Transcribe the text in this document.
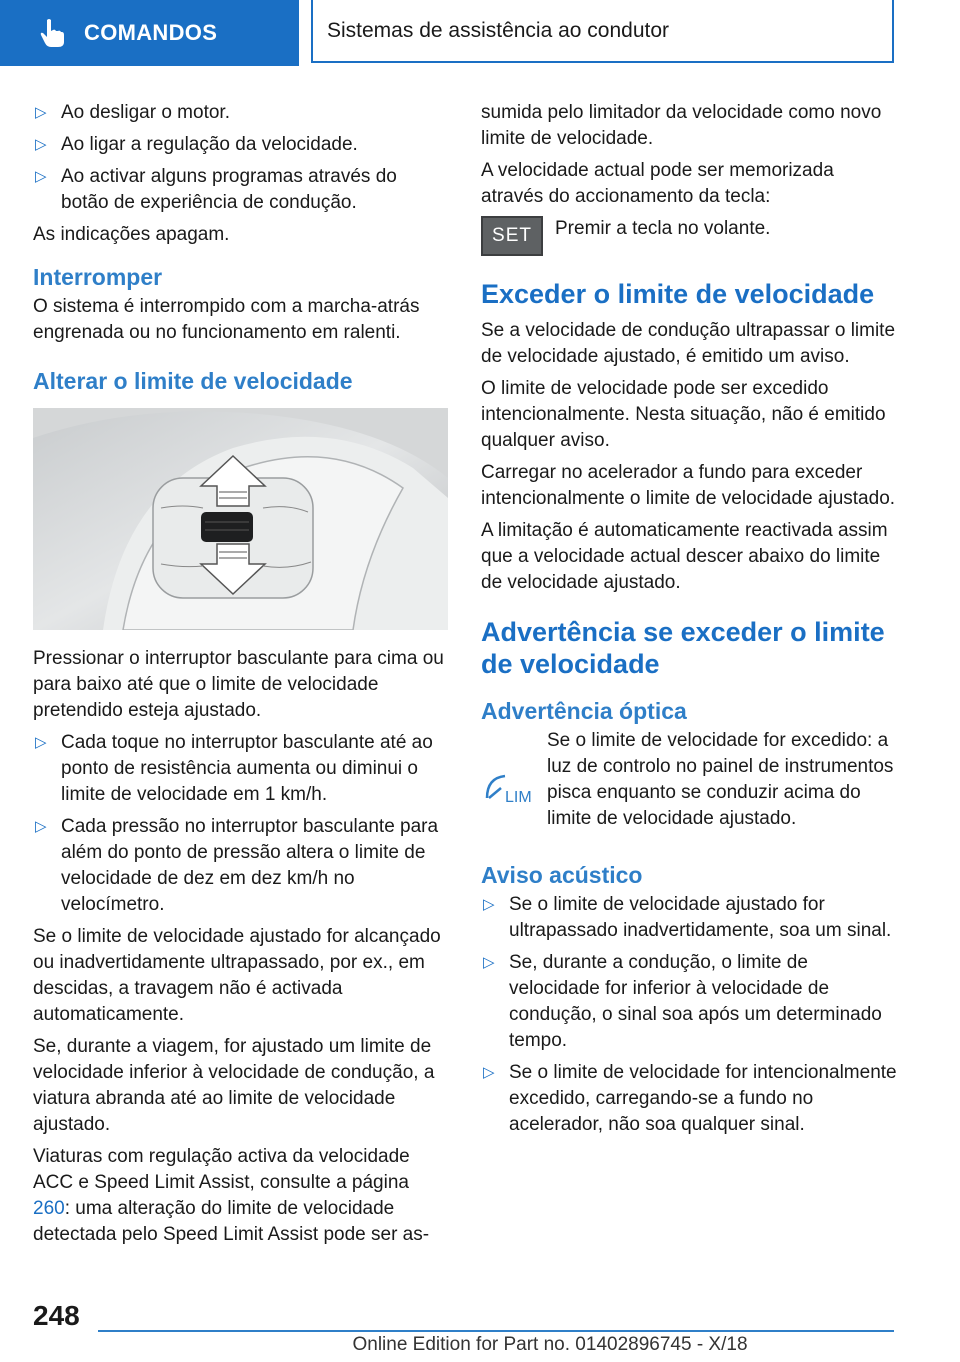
COMANDOS	Sistemas de assistência ao condutor
▷ Ao desligar o motor.
▷ Ao ligar a regulação da velocidade.
▷ Ao activar alguns programas através do botão de experiência de condução.

As indicações apagam.

Interromper

O sistema é interrompido com a marcha-atrás engrenada ou no funcionamento em ralenti.

Alterar o limite de velocidade

Pressionar o interruptor basculante para cima ou para baixo até que o limite de velocidade pretendido esteja ajustado.

▷ Cada toque no interruptor basculante até ao ponto de resistência aumenta ou diminui o limite de velocidade em 1 km/h.
▷ Cada pressão no interruptor basculante para além do ponto de pressão altera o limite de velocidade de dez em dez km/h no velocímetro.

Se o limite de velocidade ajustado for alcançado ou inadvertidamente ultrapassado, por ex., em descidas, a travagem não é activada automaticamente.

Se, durante a viagem, for ajustado um limite de velocidade inferior à velocidade de condução, a viatura abranda até ao limite de velocidade ajustado.

Viaturas com regulação activa da velocidade ACC e Speed Limit Assist, consulte a página 260: uma alteração do limite de velocidade detectada pelo Speed Limit Assist pode ser as-

sumida pelo limitador da velocidade como novo limite de velocidade.

A velocidade actual pode ser memorizada através do accionamento da tecla:

SET	Premir a tecla no volante.
Exceder o limite de velocidade

Se a velocidade de condução ultrapassar o limite de velocidade ajustado, é emitido um aviso.

O limite de velocidade pode ser excedido intencionalmente. Nesta situação, não é emitido qualquer aviso.

Carregar no acelerador a fundo para exceder intencionalmente o limite de velocidade ajustado.

A limitação é automaticamente reactivada assim que a velocidade actual descer abaixo do limite de velocidade ajustado.

Advertência se exceder o limite de velocidade
Advertência óptica
LIM

Se o limite de velocidade for excedido: a luz de controlo no painel de instrumentos pisca enquanto se conduzir acima do limite de velocidade ajustado.

Aviso acústico
▷ Se o limite de velocidade ajustado for ultrapassado inadvertidamente, soa um sinal.
▷ Se, durante a condução, o limite de velocidade for inferior à velocidade de condução, o sinal soa após um determinado tempo.
▷ Se o limite de velocidade for intencionalmente excedido, carregando-se a fundo no acelerador, não soa qualquer sinal.
248
Online Edition for Part no. 01402896745 - X/18
